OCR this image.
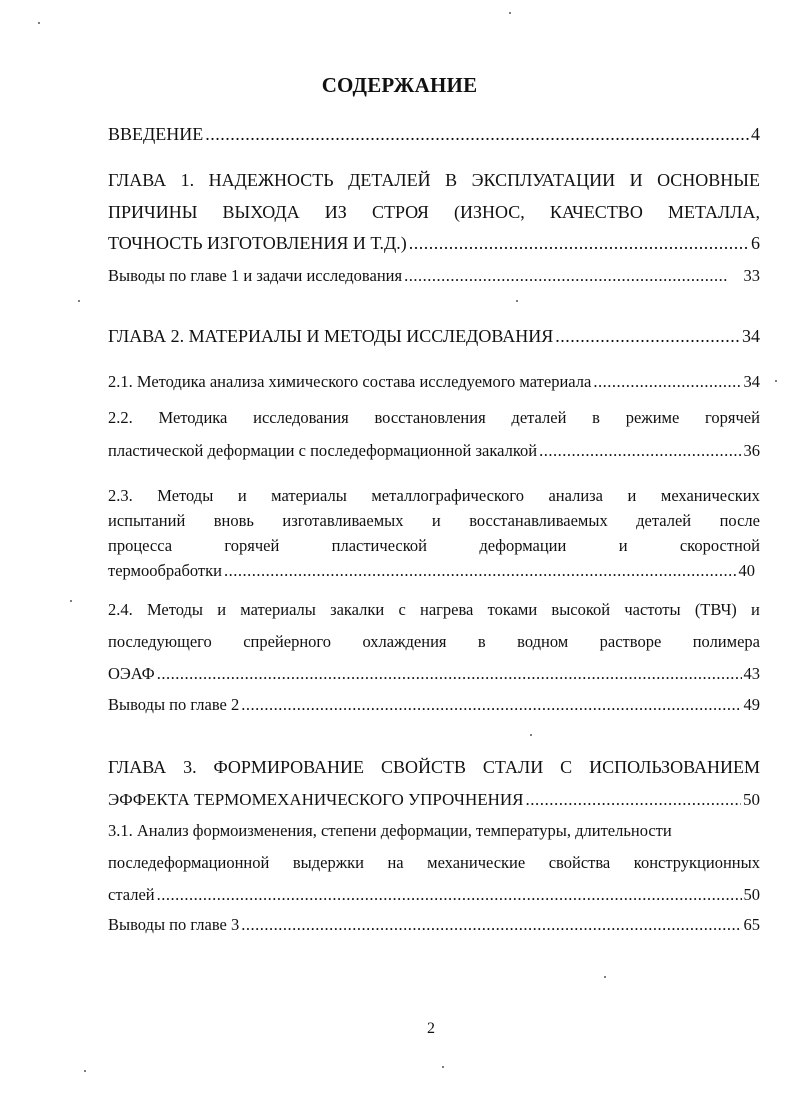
СОДЕРЖАНИЕ
ВВЕДЕНИЕ .....	4
ГЛАВА 1. НАДЕЖНОСТЬ ДЕТАЛЕЙ В ЭКСПЛУАТАЦИИ И ОСНОВНЫЕ
ПРИЧИНЫ ВЫХОДА ИЗ СТРОЯ (ИЗНОС, КАЧЕСТВО МЕТАЛЛА,
ТОЧНОСТЬ ИЗГОТОВЛЕНИЯ И Т.Д.) .....	6
Выводы по главе 1 и задачи исследования .....	33
ГЛАВА 2. МАТЕРИАЛЫ И МЕТОДЫ ИССЛЕДОВАНИЯ .....	34
2.1. Методика анализа химического состава исследуемого материала .....	34
2.2. Методика исследования восстановления деталей в режиме горячей
пластической деформации с последеформационной закалкой .....	36
2.3. Методы и материалы металлографического анализа и механических
испытаний вновь изготавливаемых и восстанавливаемых деталей после
процесса	горячей	пластической	деформации	и	скоростной
термообработки .....	40
2.4. Методы и материалы закалки с нагрева токами высокой частоты (ТВЧ) и
последующего спрейерного охлаждения в водном растворе полимера
ОЭАФ .....	43
Выводы по главе 2 .....	49
ГЛАВА 3. ФОРМИРОВАНИЕ СВОЙСТВ СТАЛИ С ИСПОЛЬЗОВАНИЕМ
ЭФФЕКТА ТЕРМОМЕХАНИЧЕСКОГО УПРОЧНЕНИЯ .....	50
3.1. Анализ формоизменения, степени деформации, температуры, длительности
последеформационной выдержки на механические свойства конструкционных
сталей .....	50
Выводы по главе 3 .....	65
2
